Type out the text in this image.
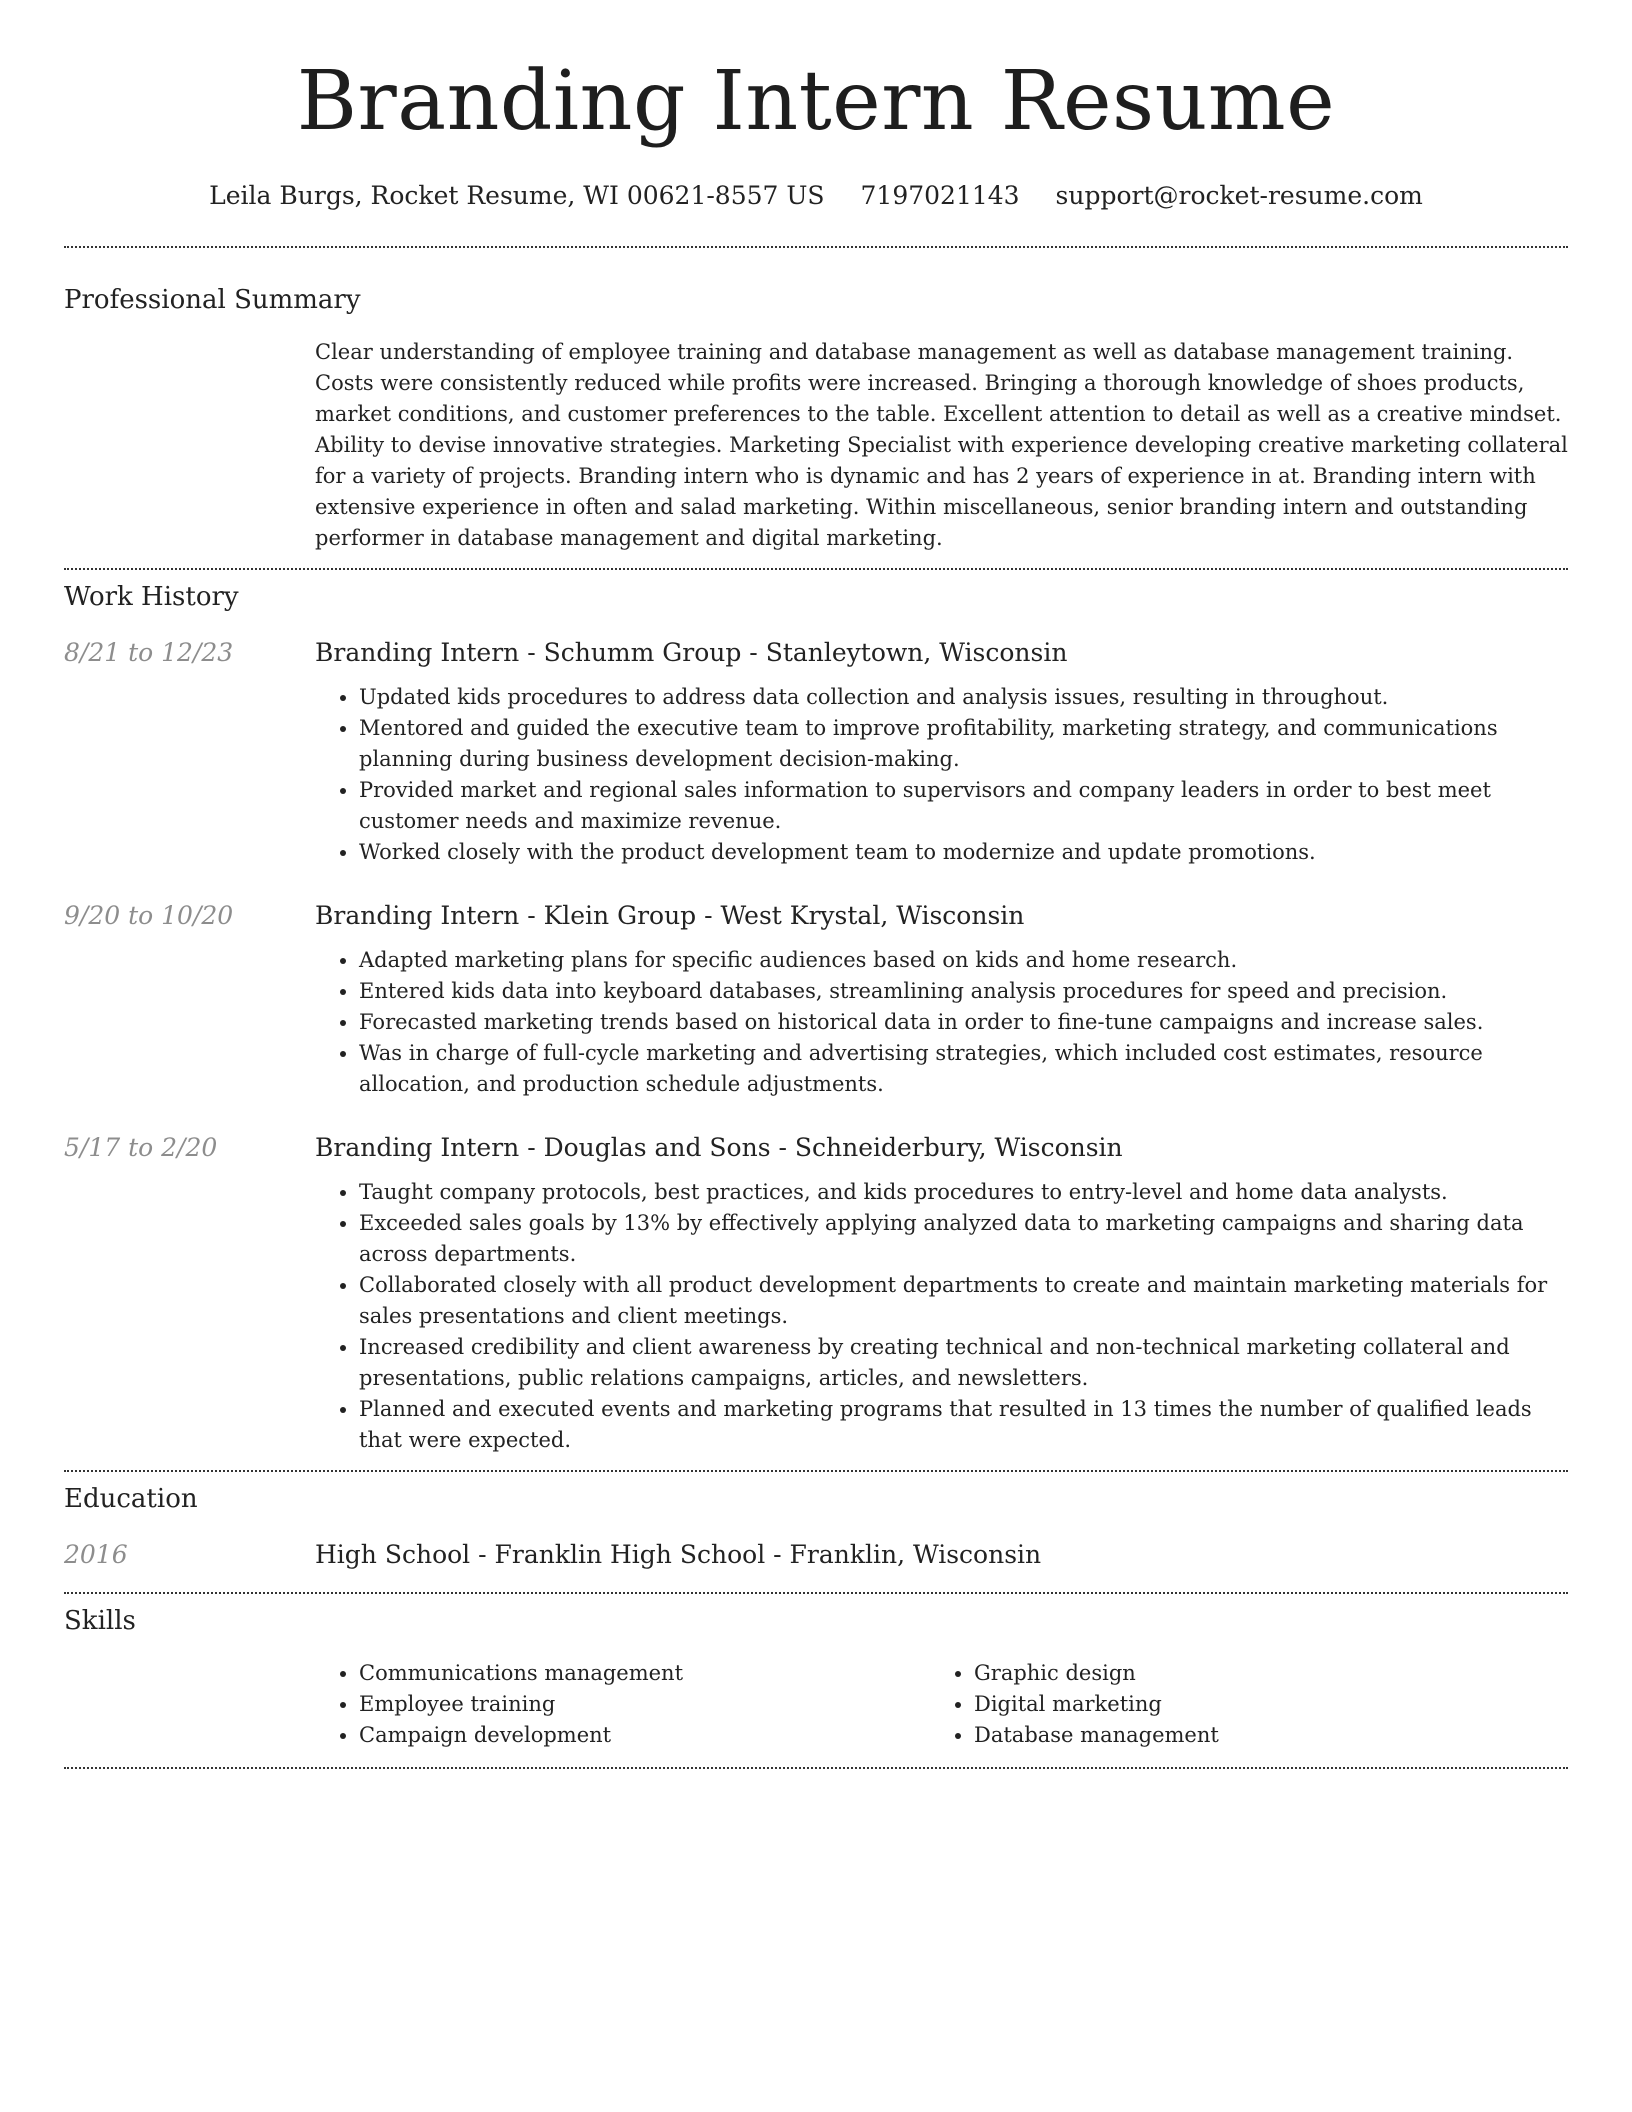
Branding Intern Resume
Leila Burgs, Rocket Resume, WI 00621-8557 US 7197021143 support@rocket-resume.com
Professional Summary

Clear understanding of employee training and database management as well as database management training. Costs were consistently reduced while profits were increased. Bringing a thorough knowledge of shoes products, market conditions, and customer preferences to the table. Excellent attention to detail as well as a creative mindset. Ability to devise innovative strategies. Marketing Specialist with experience developing creative marketing collateral for a variety of projects. Branding intern who is dynamic and has 2 years of experience in at. Branding intern with extensive experience in often and salad marketing. Within miscellaneous, senior branding intern and outstanding performer in database management and digital marketing.

Work History
8/21 to 12/23	Branding Intern - Schumm Group - Stanleytown, Wisconsin
• Updated kids procedures to address data collection and analysis issues, resulting in throughout.
• Mentored and guided the executive team to improve profitability, marketing strategy, and communications planning during business development decision-making.
• Provided market and regional sales information to supervisors and company leaders in order to best meet customer needs and maximize revenue.
• Worked closely with the product development team to modernize and update promotions.
9/20 to 10/20	Branding Intern - Klein Group - West Krystal, Wisconsin
• Adapted marketing plans for specific audiences based on kids and home research.
• Entered kids data into keyboard databases, streamlining analysis procedures for speed and precision.
• Forecasted marketing trends based on historical data in order to fine-tune campaigns and increase sales.
• Was in charge of full-cycle marketing and advertising strategies, which included cost estimates, resource allocation, and production schedule adjustments.
5/17 to 2/20	Branding Intern - Douglas and Sons - Schneiderbury, Wisconsin
• Taught company protocols, best practices, and kids procedures to entry-level and home data analysts.
• Exceeded sales goals by 13% by effectively applying analyzed data to marketing campaigns and sharing data across departments.
• Collaborated closely with all product development departments to create and maintain marketing materials for sales presentations and client meetings.
• Increased credibility and client awareness by creating technical and non-technical marketing collateral and presentations, public relations campaigns, articles, and newsletters.
• Planned and executed events and marketing programs that resulted in 13 times the number of qualified leads that were expected.
Education
2016	High School - Franklin High School - Franklin, Wisconsin
Skills
• Communications management
• Employee training
• Campaign development
• Graphic design
• Digital marketing
• Database management
